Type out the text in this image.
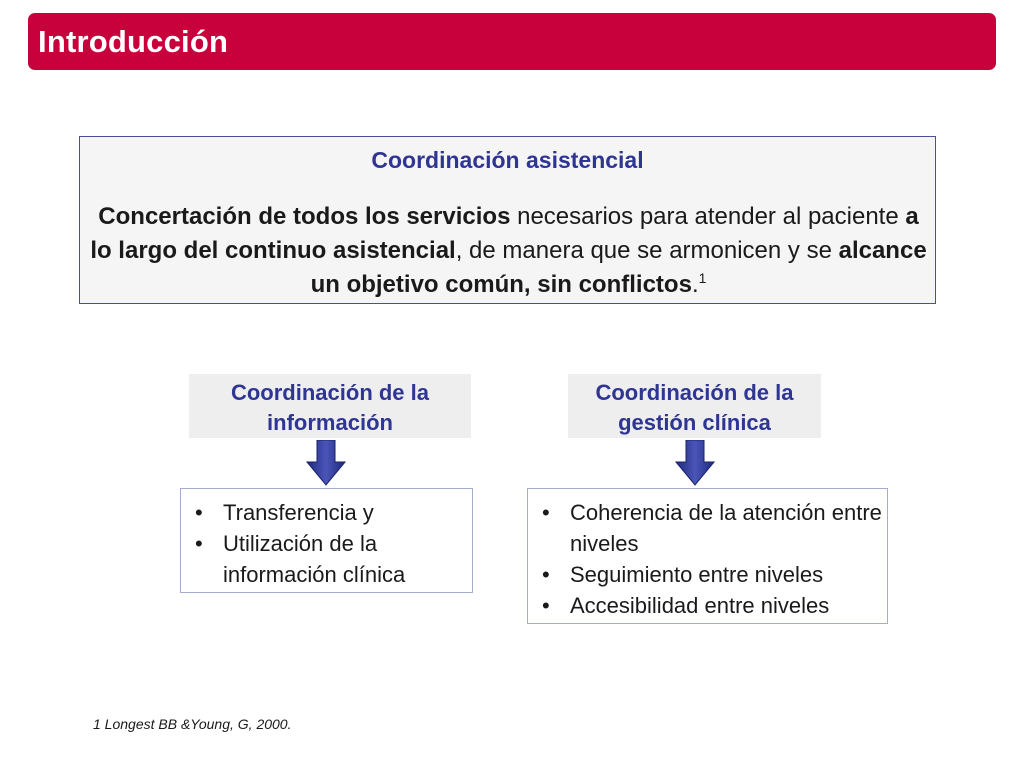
Introducción
Coordinación asistencial
Concertación de todos los servicios necesarios para atender al paciente a lo largo del continuo asistencial, de manera que se armonicen y se alcance un objetivo común, sin conflictos.$^1$
Coordinación de la
información
Coordinación de la
gestión clínica
• Transferencia y
• Utilización de la información clínica
• Coherencia de la atención entre niveles
• Seguimiento entre niveles
• Accesibilidad entre niveles
1 Longest BB &Young, G, 2000.
